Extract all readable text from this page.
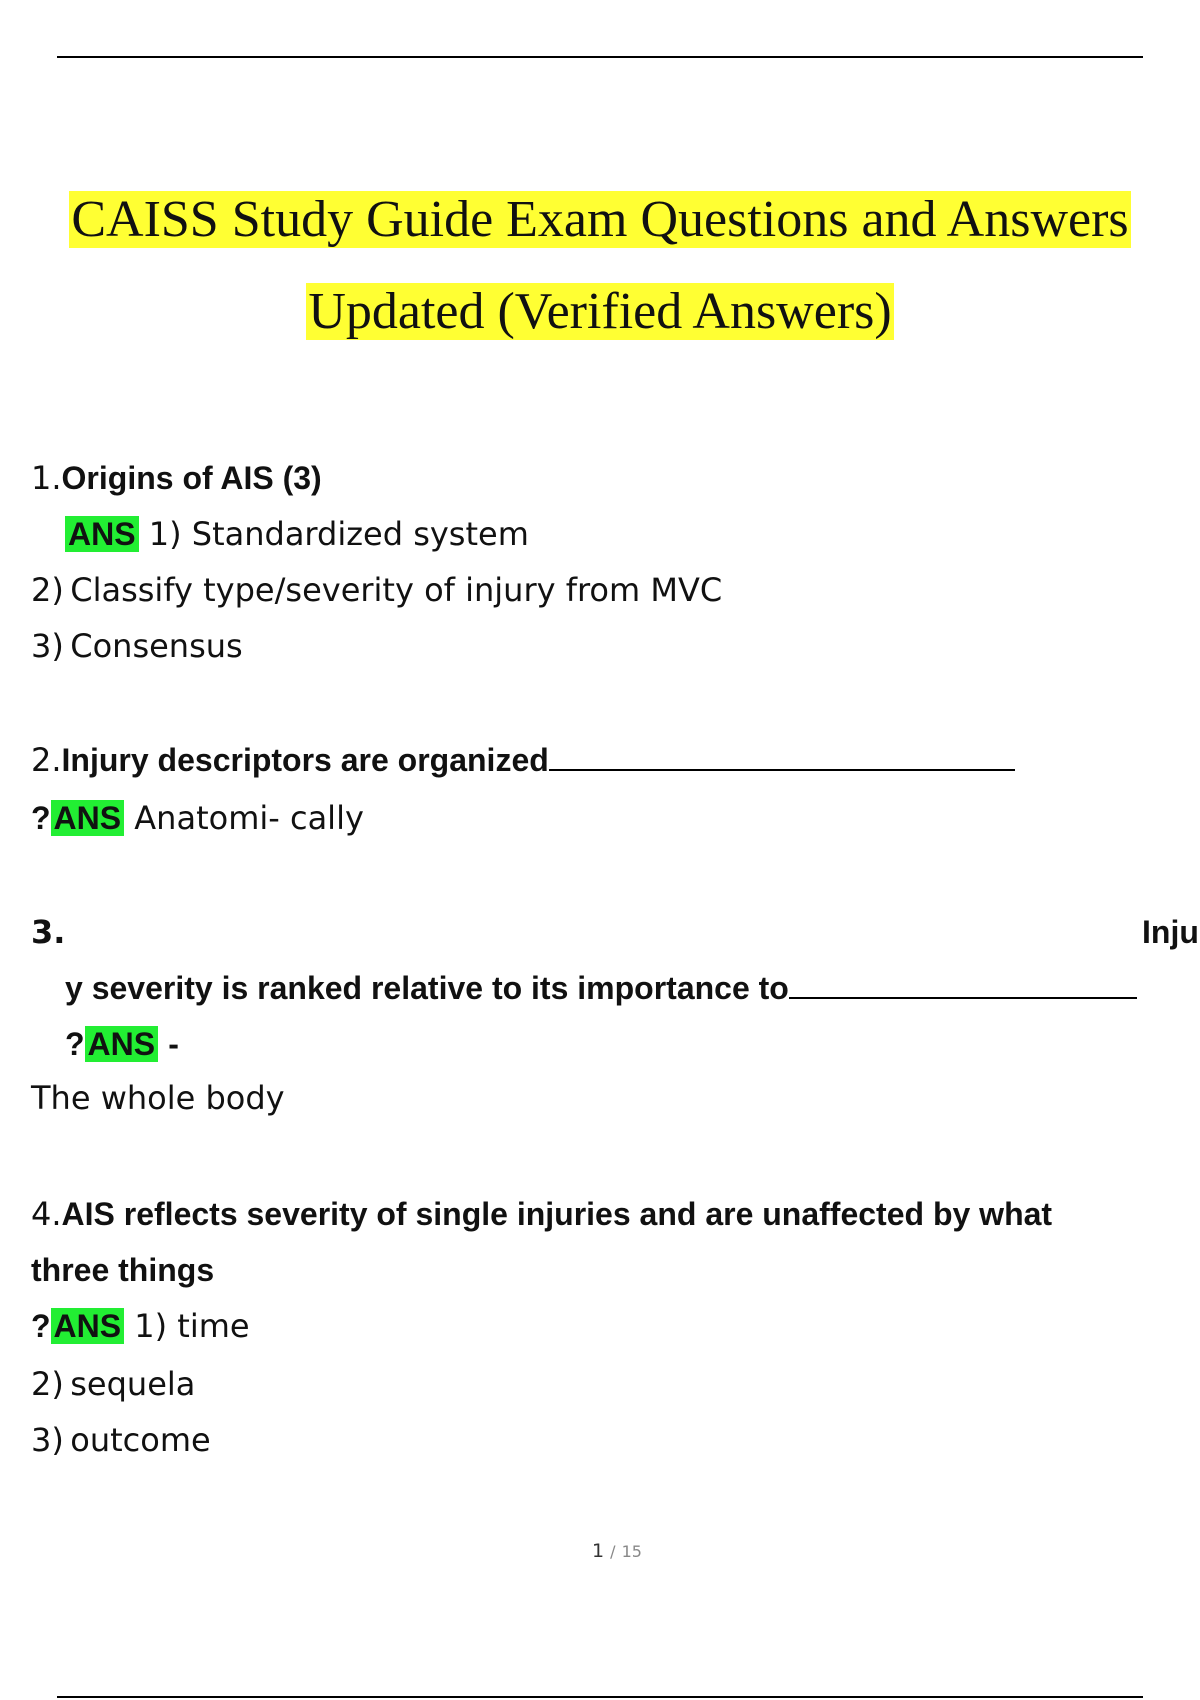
CAISS Study Guide Exam Questions and Answers
Updated (Verified Answers)
1.Origins of AIS (3)
ANS 1) Standardized system
2) Classify type/severity of injury from MVC
3) Consensus
2.Injury descriptors are organized
?ANS Anatomi- cally
3.	Inju
y severity is ranked relative to its importance to
?ANS -
The whole body
4.AIS reflects severity of single injuries and are unaffected by what
three things
?ANS 1) time
2) sequela
3) outcome
1 / 15
